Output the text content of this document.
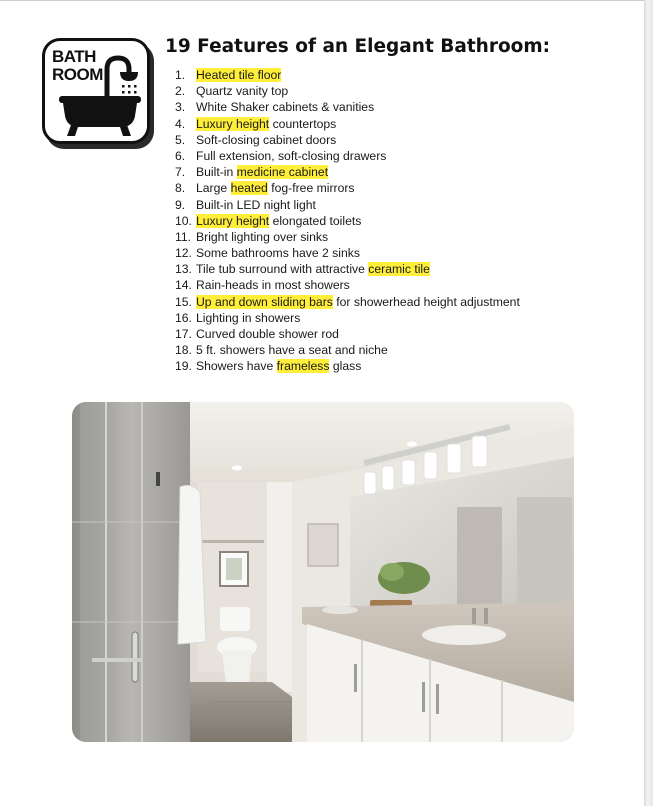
BATH
ROOM
19 Features of an Elegant Bathroom:
1. Heated tile floor
2. Quartz vanity top
3. White Shaker cabinets & vanities
4. Luxury height countertops
5. Soft-closing cabinet doors
6. Full extension, soft-closing drawers
7. Built-in medicine cabinet
8. Large heated fog-free mirrors
9. Built-in LED night light
10. Luxury height elongated toilets
11. Bright lighting over sinks
12. Some bathrooms have 2 sinks
13. Tile tub surround with attractive ceramic tile
14. Rain-heads in most showers
15. Up and down sliding bars for showerhead height adjustment
16. Lighting in showers
17. Curved double shower rod
18. 5 ft. showers have a seat and niche
19. Showers have frameless glass
